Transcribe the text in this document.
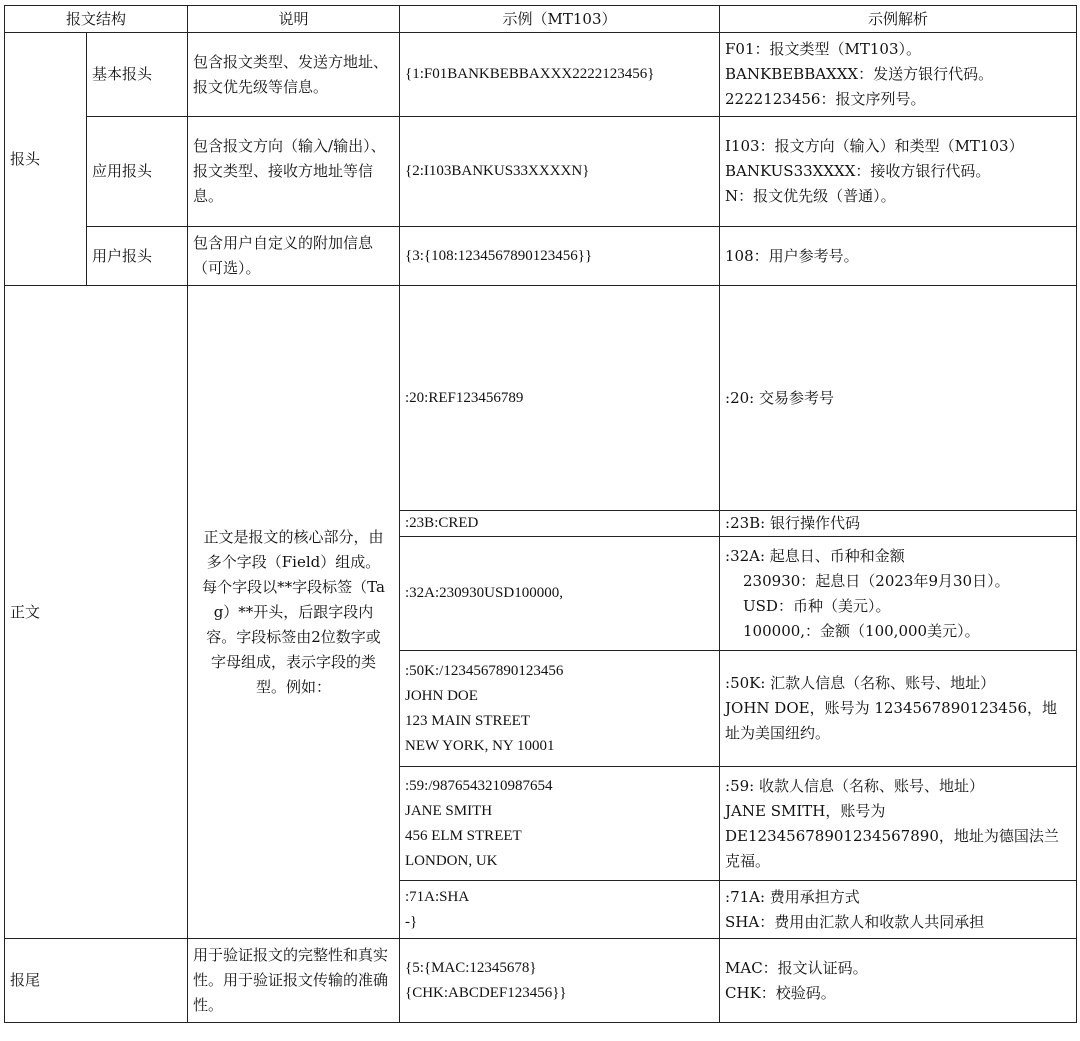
报文结构		说明	示例（MT103）	示例解析
报头	基本报头	包含报文类型、发送方地址、报文优先级等信息。	{1:F01BANKBEBBAXXX2222123456}	F01：报文类型（MT103）。
BANKBEBBAXXX：发送方银行代码。
2222123456：报文序列号。

	应用报头	包含报文方向（输入/输出）、报文类型、接收方地址等信息。	{2:I103BANKUS33XXXXN}	I103：报文方向（输入）和类型（MT103）
BANKUS33XXXX：接收方银行代码。
N：报文优先级（普通）。

	用户报头	包含用户自定义的附加信息（可选）。	{3:{108:1234567890123456}}	108：用户参考号。
正文		正文是报文的核心部分，由多个字段（Field）组成。每个字段以**字段标签（Tag）**开头，后跟字段内容。字段标签由2位数字或字母组成，表示字段的类型。例如：	:20:REF123456789	:20: 交易参考号

			:23B:CRED	:23B: 银行操作代码

			:32A:230930USD100000,	:32A: 起息日、币种和金额
230930：起息日（2023年9月30日）。
USD：币种（美元）。
100000,：金额（100,000美元）。

			:50K:/1234567890123456
JOHN DOE
123 MAIN STREET
NEW YORK, NY 10001	:50K: 汇款人信息（名称、账号、地址）
JOHN DOE，账号为 1234567890123456，地址为美国纽约。

			:59:/9876543210987654
JANE SMITH
456 ELM STREET
LONDON, UK	:59: 收款人信息（名称、账号、地址）
JANE SMITH，账号为
DE12345678901234567890，地址为德国法兰克福。

			:71A:SHA
-}	:71A: 费用承担方式
SHA：费用由汇款人和收款人共同承担

报尾		用于验证报文的完整性和真实性。用于验证报文传输的准确性。	{5:{MAC:12345678}
{CHK:ABCDEF123456}}	MAC：报文认证码。
CHK：校验码。
